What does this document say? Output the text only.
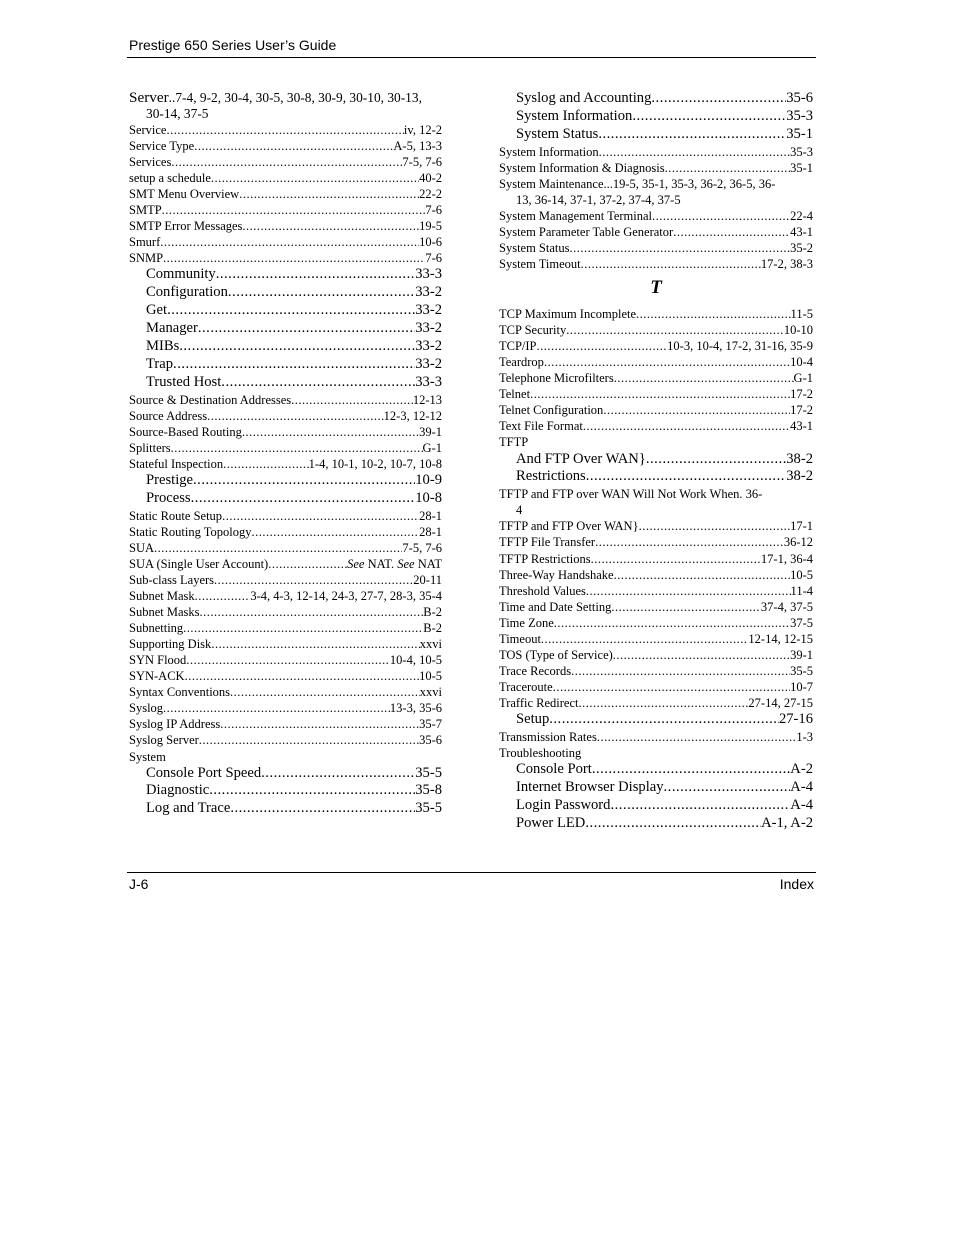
Prestige 650 Series User’s Guide
Server .. 7-4, 9-2, 30-4, 30-5, 30-8, 30-9, 30-10, 30-13,
30-14, 37-5
Service .....	iv, 12-2
Service Type .....	A-5, 13-3
Services .....	7-5, 7-6
setup a schedule .....	40-2
SMT Menu Overview .....	22-2
SMTP .....	7-6
SMTP Error Messages .....	19-5
Smurf .....	10-6
SNMP .....	7-6
Community .....	33-3
Configuration .....	33-2
Get .....	33-2
Manager .....	33-2
MIBs .....	33-2
Trap .....	33-2
Trusted Host .....	33-3
Source & Destination Addresses .....	12-13
Source Address .....	12-3, 12-12
Source-Based Routing .....	39-1
Splitters .....	G-1
Stateful Inspection .....	1-4, 10-1, 10-2, 10-7, 10-8
Prestige .....	10-9
Process .....	10-8
Static Route Setup .....	28-1
Static Routing Topology .....	28-1
SUA .....	7-5, 7-6
SUA (Single User Account) .....	See NAT. See NAT
Sub-class Layers .....	20-11
Subnet Mask .....	3-4, 4-3, 12-14, 24-3, 27-7, 28-3, 35-4
Subnet Masks .....	B-2
Subnetting .....	B-2
Supporting Disk .....	xxvi
SYN Flood .....	10-4, 10-5
SYN-ACK .....	10-5
Syntax Conventions .....	xxvi
Syslog .....	13-3, 35-6
Syslog IP Address .....	35-7
Syslog Server .....	35-6
System
Console Port Speed .....	35-5
Diagnostic .....	35-8
Log and Trace .....	35-5
Syslog and Accounting .....	35-6
System Information .....	35-3
System Status .....	35-1
System Information .....	35-3
System Information & Diagnosis .....	35-1
System Maintenance ... 19-5, 35-1, 35-3, 36-2, 36-5, 36-
13, 36-14, 37-1, 37-2, 37-4, 37-5
System Management Terminal .....	22-4
System Parameter Table Generator .....	43-1
System Status .....	35-2
System Timeout .....	17-2, 38-3
T
TCP Maximum Incomplete .....	11-5
TCP Security .....	10-10
TCP/IP .....	10-3, 10-4, 17-2, 31-16, 35-9
Teardrop .....	10-4
Telephone Microfilters .....	G-1
Telnet .....	17-2
Telnet Configuration .....	17-2
Text File Format .....	43-1
TFTP
And FTP Over WAN} .....	38-2
Restrictions .....	38-2
TFTP and FTP over WAN Will Not Work When . 36-
4
TFTP and FTP Over WAN} .....	17-1
TFTP File Transfer .....	36-12
TFTP Restrictions .....	17-1, 36-4
Three-Way Handshake .....	10-5
Threshold Values .....	11-4
Time and Date Setting .....	37-4, 37-5
Time Zone .....	37-5
Timeout .....	12-14, 12-15
TOS (Type of Service) .....	39-1
Trace Records .....	35-5
Traceroute .....	10-7
Traffic Redirect .....	27-14, 27-15
Setup .....	27-16
Transmission Rates .....	1-3
Troubleshooting
Console Port .....	A-2
Internet Browser Display .....	A-4
Login Password .....	A-4
Power LED .....	A-1, A-2
J-6	Index
